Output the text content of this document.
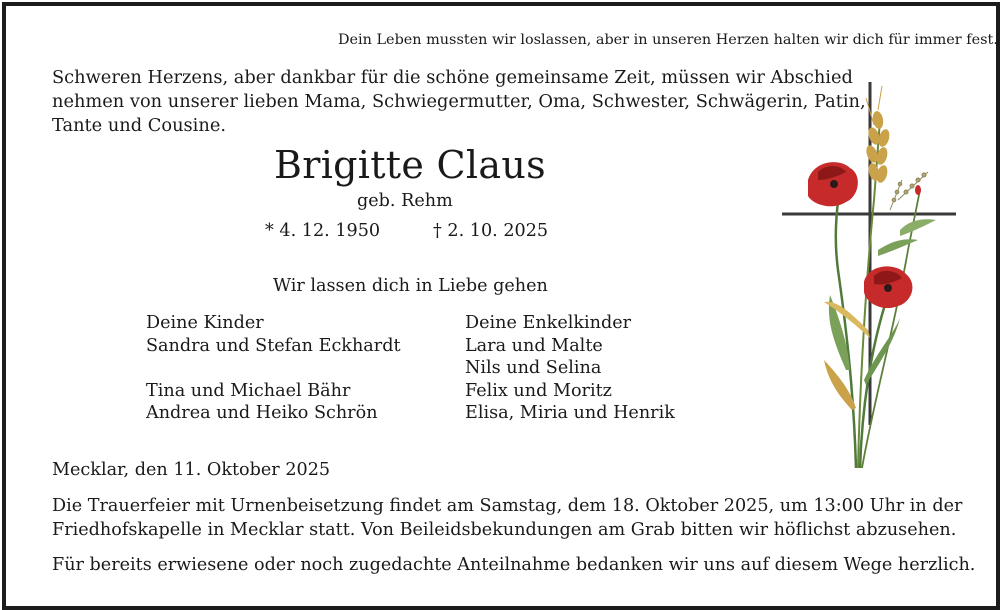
Dein Leben mussten wir loslassen, aber in unseren Herzen halten wir dich für immer fest.
Schweren Herzens, aber dankbar für die schöne gemeinsame Zeit, müssen wir Abschied
nehmen von unserer lieben Mama, Schwiegermutter, Oma, Schwester, Schwägerin, Patin,
Tante und Cousine.
Brigitte Claus
geb. Rehm
* 4. 12. 1950	† 2. 10. 2025
Wir lassen dich in Liebe gehen
Deine Kinder
Sandra und Stefan Eckhardt
Tina und Michael Bähr
Andrea und Heiko Schrön
Deine Enkelkinder
Lara und Malte
Nils und Selina
Felix und Moritz
Elisa, Miria und Henrik
Mecklar, den 11. Oktober 2025
Die Trauerfeier mit Urnenbeisetzung findet am Samstag, dem 18. Oktober 2025, um 13:00 Uhr in der
Friedhofskapelle in Mecklar statt. Von Beileidsbekundungen am Grab bitten wir höflichst abzusehen.
Für bereits erwiesene oder noch zugedachte Anteilnahme bedanken wir uns auf diesem Wege herzlich.
